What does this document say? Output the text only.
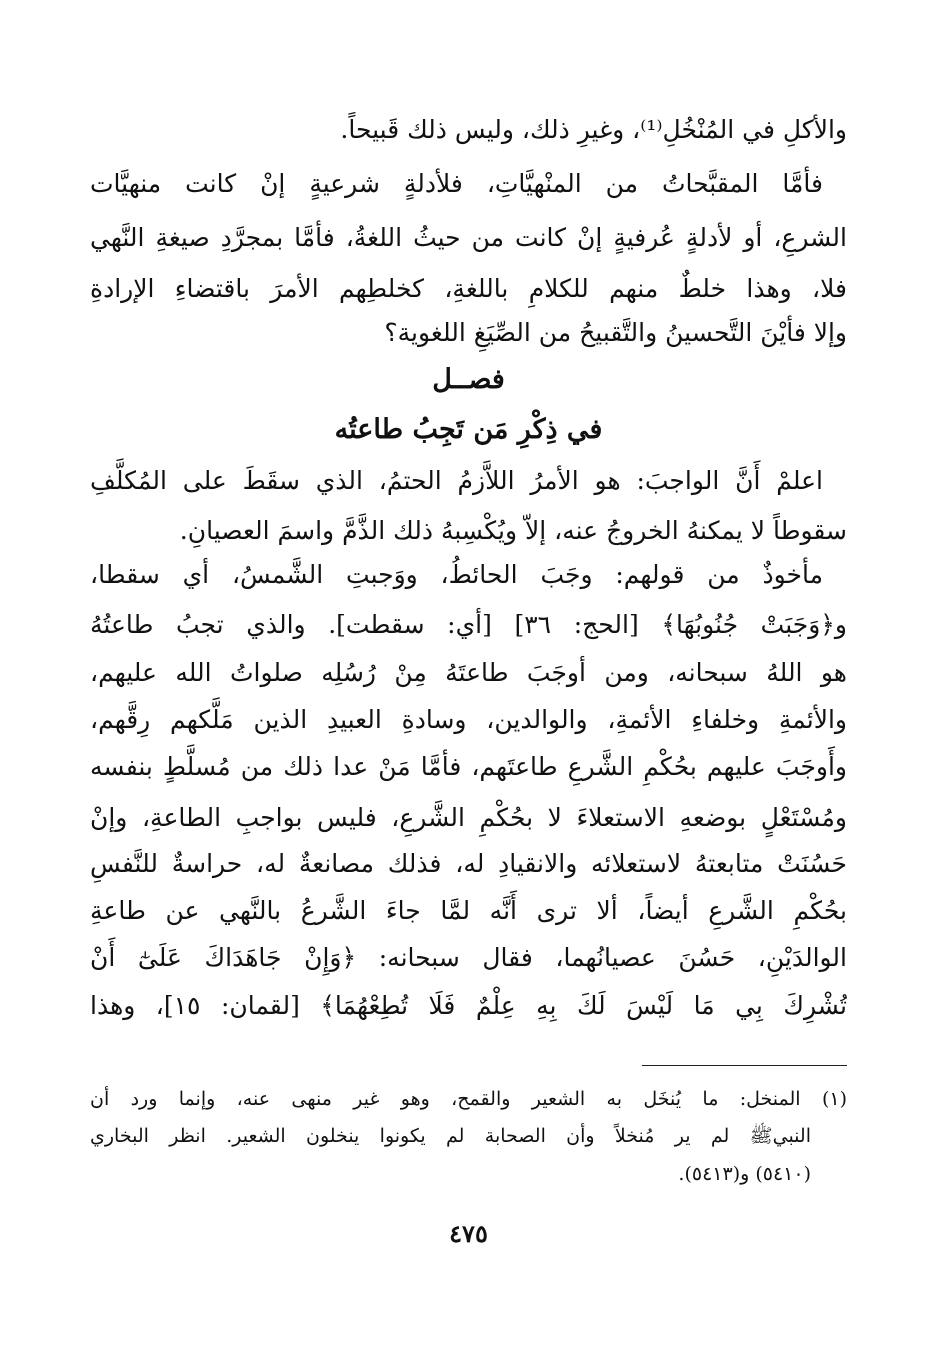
والأكلِ في المُنْخُلِ⁽¹⁾، وغيرِ ذلك، وليس ذلك قَبيحاً.
فأمَّا المقبَّحاتُ من المنْهيَّاتِ، فلأدلةٍ شرعيةٍ إنْ كانت منهيَّات
الشرعِ، أو لأدلةٍ عُرفيةٍ إنْ كانت من حيثُ اللغةُ، فأمَّا بمجرَّدِ صيغةِ النَّهي
فلا، وهذا خلطٌ منهم للكلامِ باللغةِ، كخلطِهم الأمرَ باقتضاءِ الإرادةِ
وإلا فأيْنَ التَّحسينُ والتَّقبيحُ من الصِّيَغِ اللغوية؟
فصــل
في ذِكْرِ مَن تَجِبُ طاعتُه
اعلمْ أَنَّ الواجبَ: هو الأمرُ اللاَّزمُ الحتمُ، الذي سقَطَ على المُكلَّفِ
سقوطاً لا يمكنهُ الخروجُ عنه، إلاّ ويُكْسِبهُ ذلك الذَّمَّ واسمَ العصيانِ.
مأخوذٌ من قولهم: وجَبَ الحائطُ، ووَجبتِ الشَّمسُ، أي سقطا،
و﴿وَجَبَتْ جُنُوبُهَا﴾ [الحج: ٣٦] [أي: سقطت]. والذي تجبُ طاعتُهُ
هو اللهُ سبحانه، ومن أوجَبَ طاعتَهُ مِنْ رُسُلِه صلواتُ الله عليهم،
والأئمةِ وخلفاءِ الأئمةِ، والوالدين، وسادةِ العبيدِ الذين مَلَّكهم رِقَّهم،
وأَوجَبَ عليهم بحُكْمِ الشَّرعِ طاعتَهم، فأمَّا مَنْ عدا ذلك من مُسلَّطٍ بنفسه
ومُسْتَعْلٍ بوضعهِ الاستعلاءَ لا بحُكْمِ الشَّرعِ، فليس بواجبِ الطاعةِ، وإنْ
حَسُنَتْ متابعتهُ لاستعلائه والانقيادِ له، فذلك مصانعةٌ له، حراسةٌ للنَّفسِ
بحُكْمِ الشَّرعِ أيضاً، ألا ترى أَنَّه لمَّا جاءَ الشَّرعُ بالنَّهي عن طاعةِ
الوالدَيْنِ، حَسُنَ عصيانُهما، فقال سبحانه: ﴿وَإِنْ جَاهَدَاكَ عَلَىٰٓ أَنْ
تُشْرِكَ بِي مَا لَيْسَ لَكَ بِهِ عِلْمٌ فَلَا تُطِعْهُمَا﴾ [لقمان: ١٥]، وهذا
(١) المنخل: ما يُنخَل به الشعير والقمح، وهو غير منهى عنه، وإنما ورد أن
النبيﷺ لم ير مُنخلاً وأن الصحابة لم يكونوا ينخلون الشعير. انظر البخاري
(٥٤١٠) و(٥٤١٣).
٤٧٥
